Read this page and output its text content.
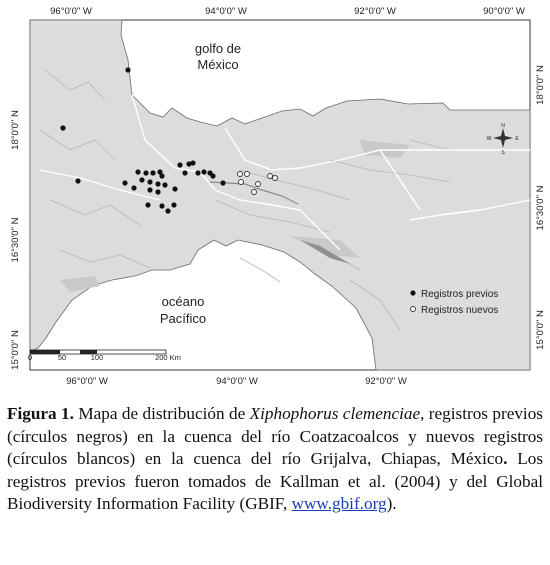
96°0'0" W	94°0'0" W	92°0'0" W	90°0'0" W
96°0'0" W	94°0'0" W	92°0'0" W
18°0'0" N
16°30'0" N
15°0'0" N
18°0'0" N
16°30'0" N
15°0'0" N
golfo de
México
océano
Pacífico
N
S
E
W
Registros previos
Registros nuevos
0	50	100	200 Km

Figura 1. Mapa de distribución de Xiphophorus clemenciae, registros previos (círculos negros) en la cuenca del río Coatzacoalcos y nuevos registros (círculos blancos) en la cuenca del río Grijalva, Chiapas, México. Los registros previos fueron tomados de Kallman et al. (2004) y del Global Biodiversity Information Facility (GBIF, www.gbif.org).
